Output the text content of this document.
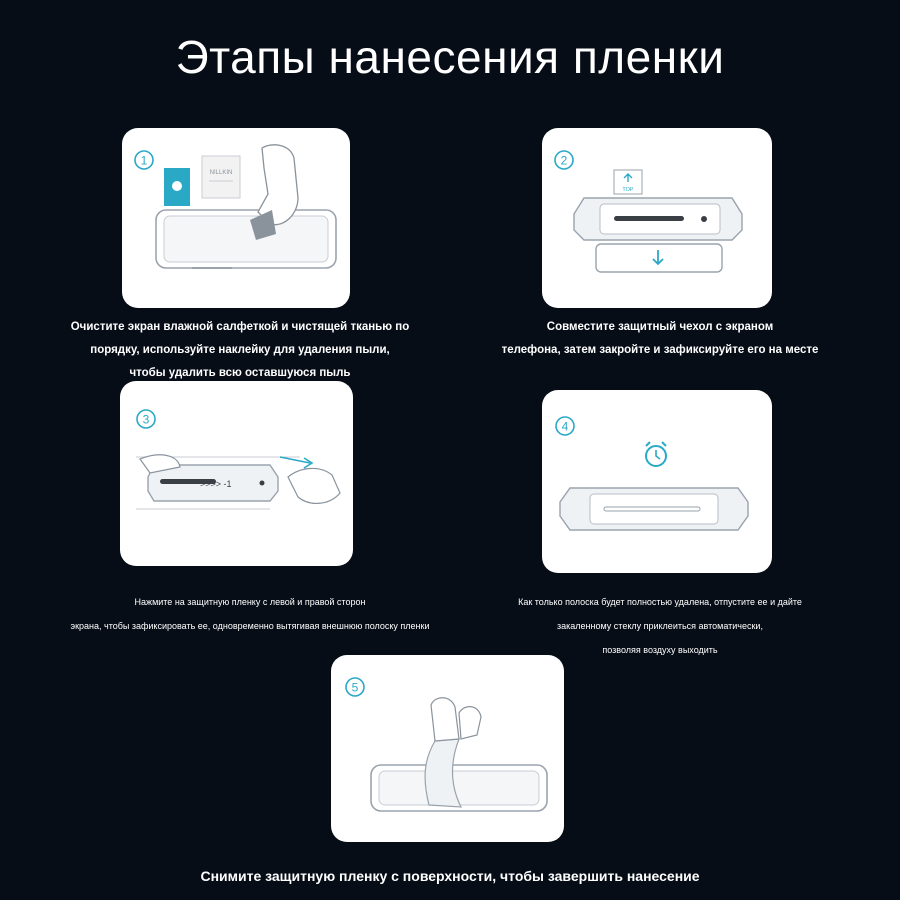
Этапы нанесения пленки
1
NILLKIN
Очистите экран влажной салфеткой и чистящей тканью по
порядку, используйте наклейку для удаления пыли,
чтобы удалить всю оставшуюся пыль
2
TOP
Совместите защитный чехол с экраном
телефона, затем закройте и зафиксируйте его на месте
3
>>>> -1
Нажмите на защитную пленку с левой и правой сторон
экрана, чтобы зафиксировать ее, одновременно вытягивая внешнюю полоску пленки
4
Как только полоска будет полностью удалена, отпустите ее и дайте
закаленному стеклу приклеиться автоматически,
позволяя воздуху выходить
5
Снимите защитную пленку с поверхности, чтобы завершить нанесение
